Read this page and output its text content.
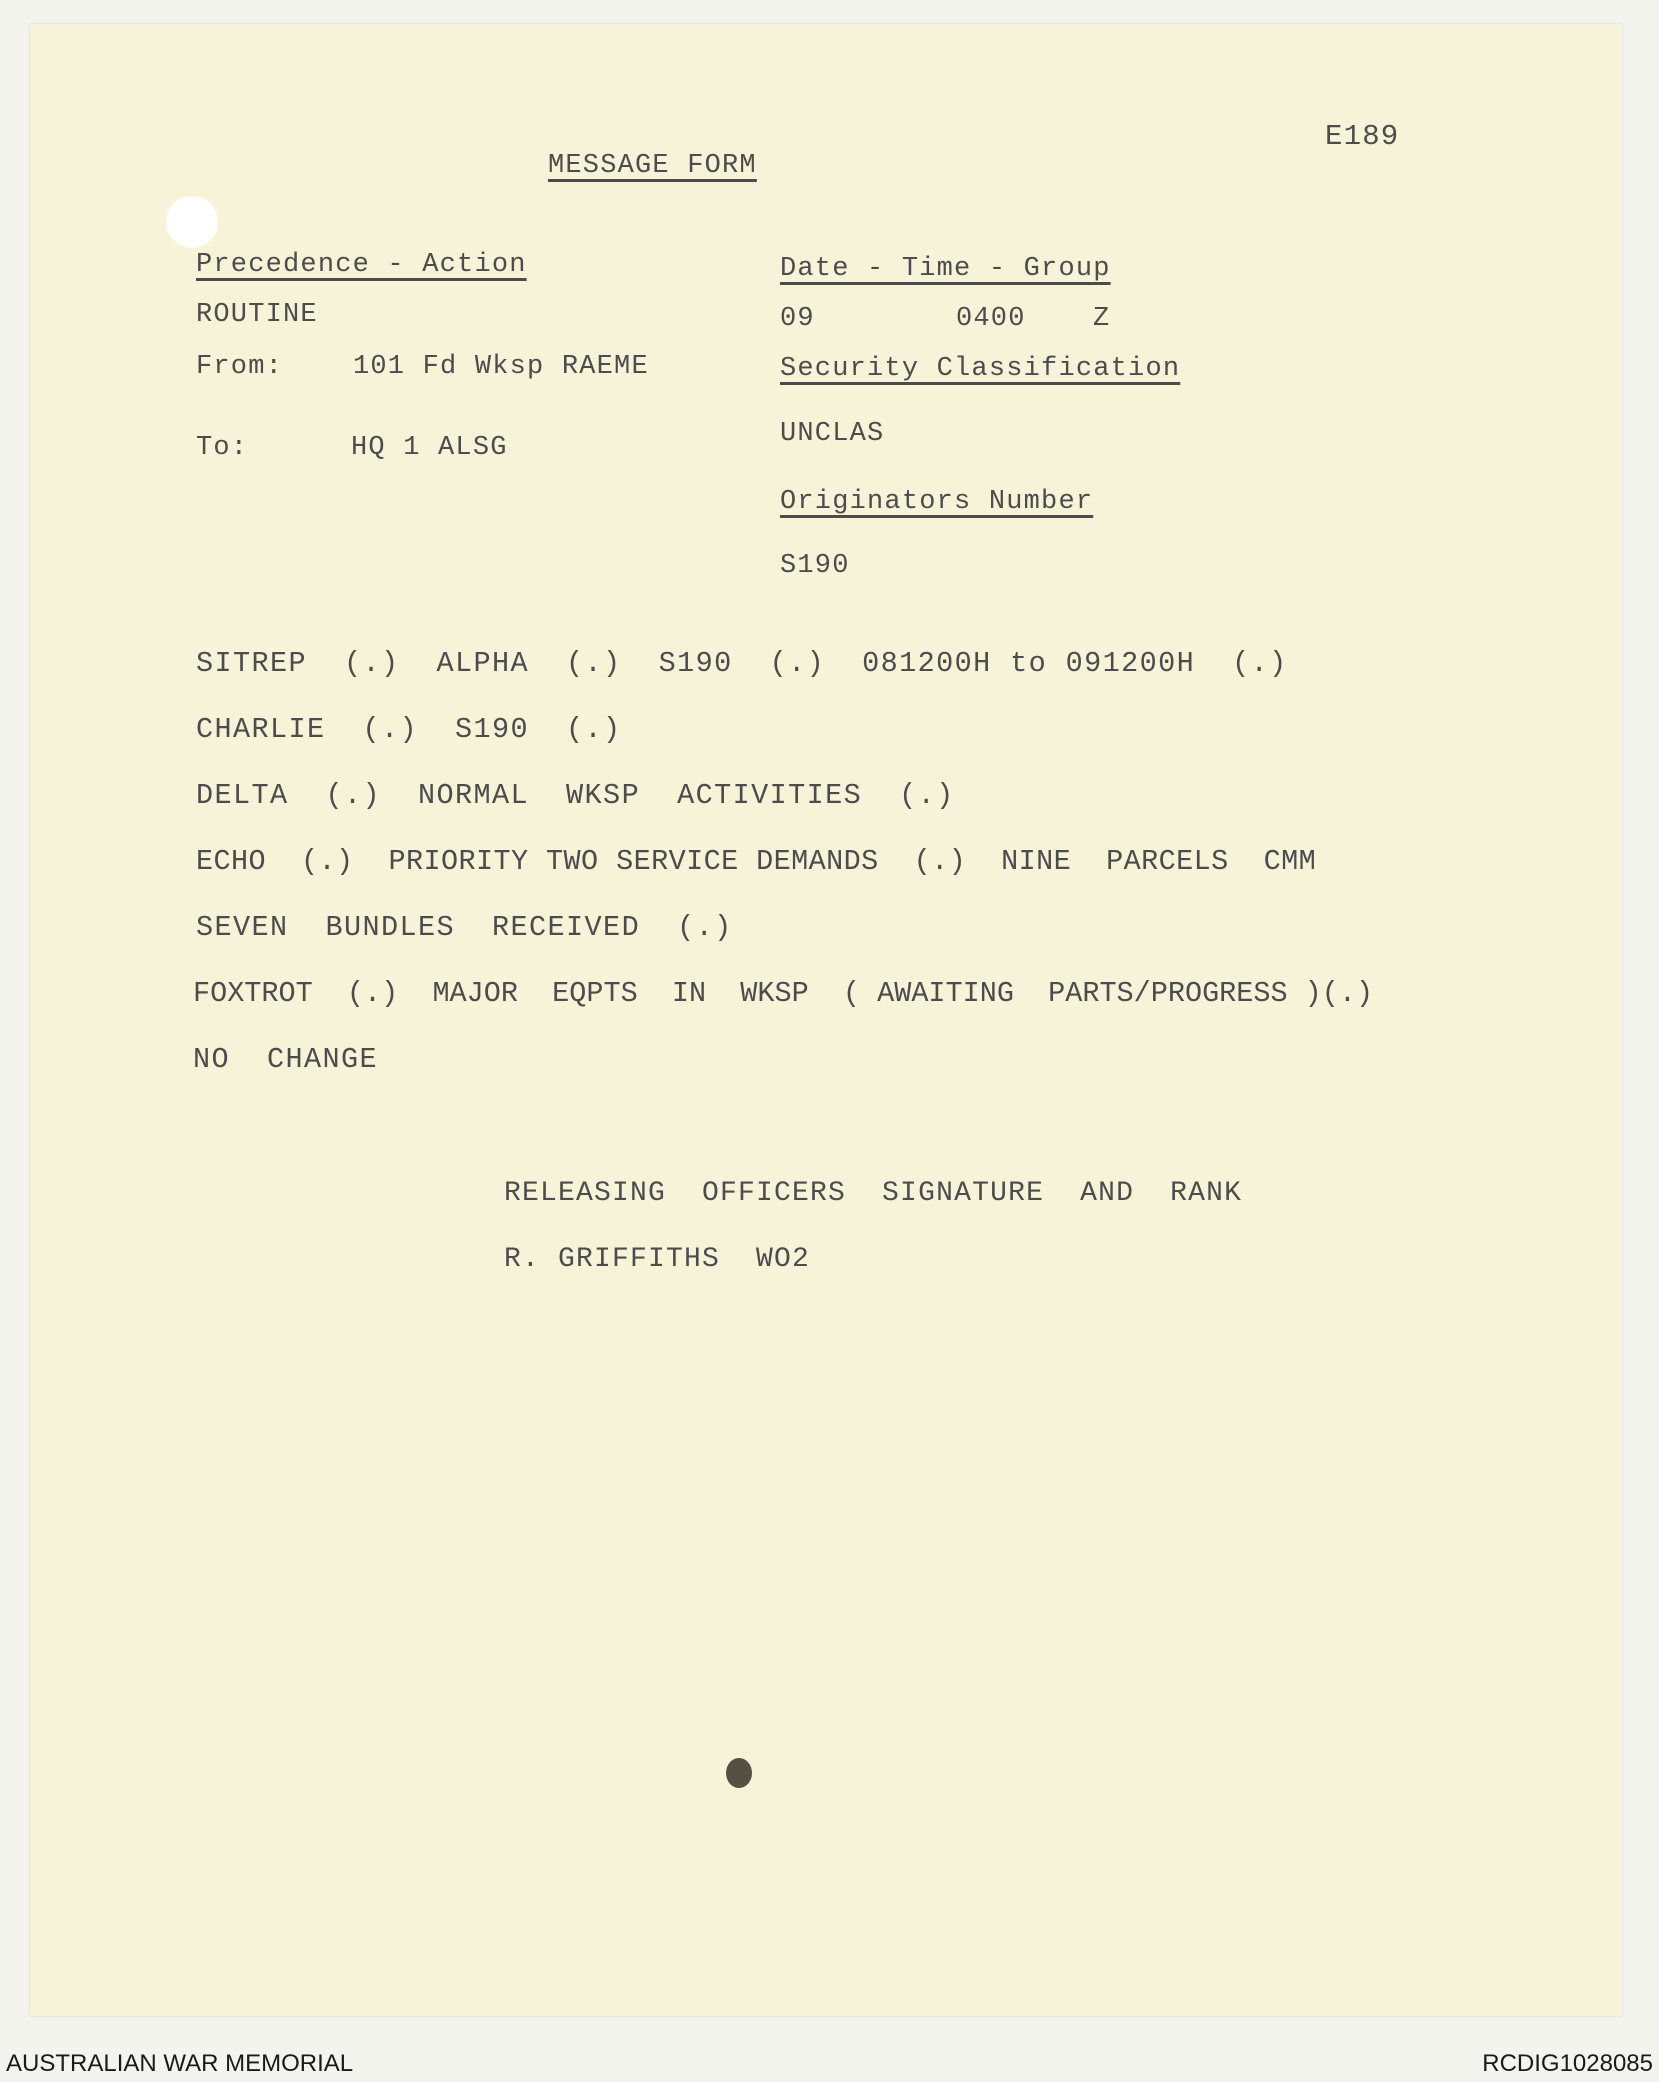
E189
MESSAGE FORM
Precedence - Action
ROUTINE
Date - Time - Group
09	0400 Z
From:	101 Fd Wksp RAEME	Security Classification
UNCLAS
To:	HQ 1 ALSG
Originators Number
S190
SITREP  (.)  ALPHA  (.)  S190  (.)  081200H to 091200H  (.)
CHARLIE  (.)  S190  (.)
DELTA  (.)  NORMAL  WKSP  ACTIVITIES  (.)
ECHO  (.)  PRIORITY TWO SERVICE DEMANDS  (.)  NINE  PARCELS  CMM
SEVEN  BUNDLES  RECEIVED  (.)
FOXTROT  (.)  MAJOR  EQPTS  IN  WKSP  ( AWAITING  PARTS/PROGRESS )(.)
NO  CHANGE
RELEASING  OFFICERS  SIGNATURE  AND  RANK
R. GRIFFITHS  WO2
AUSTRALIAN WAR MEMORIAL	RCDIG1028085
